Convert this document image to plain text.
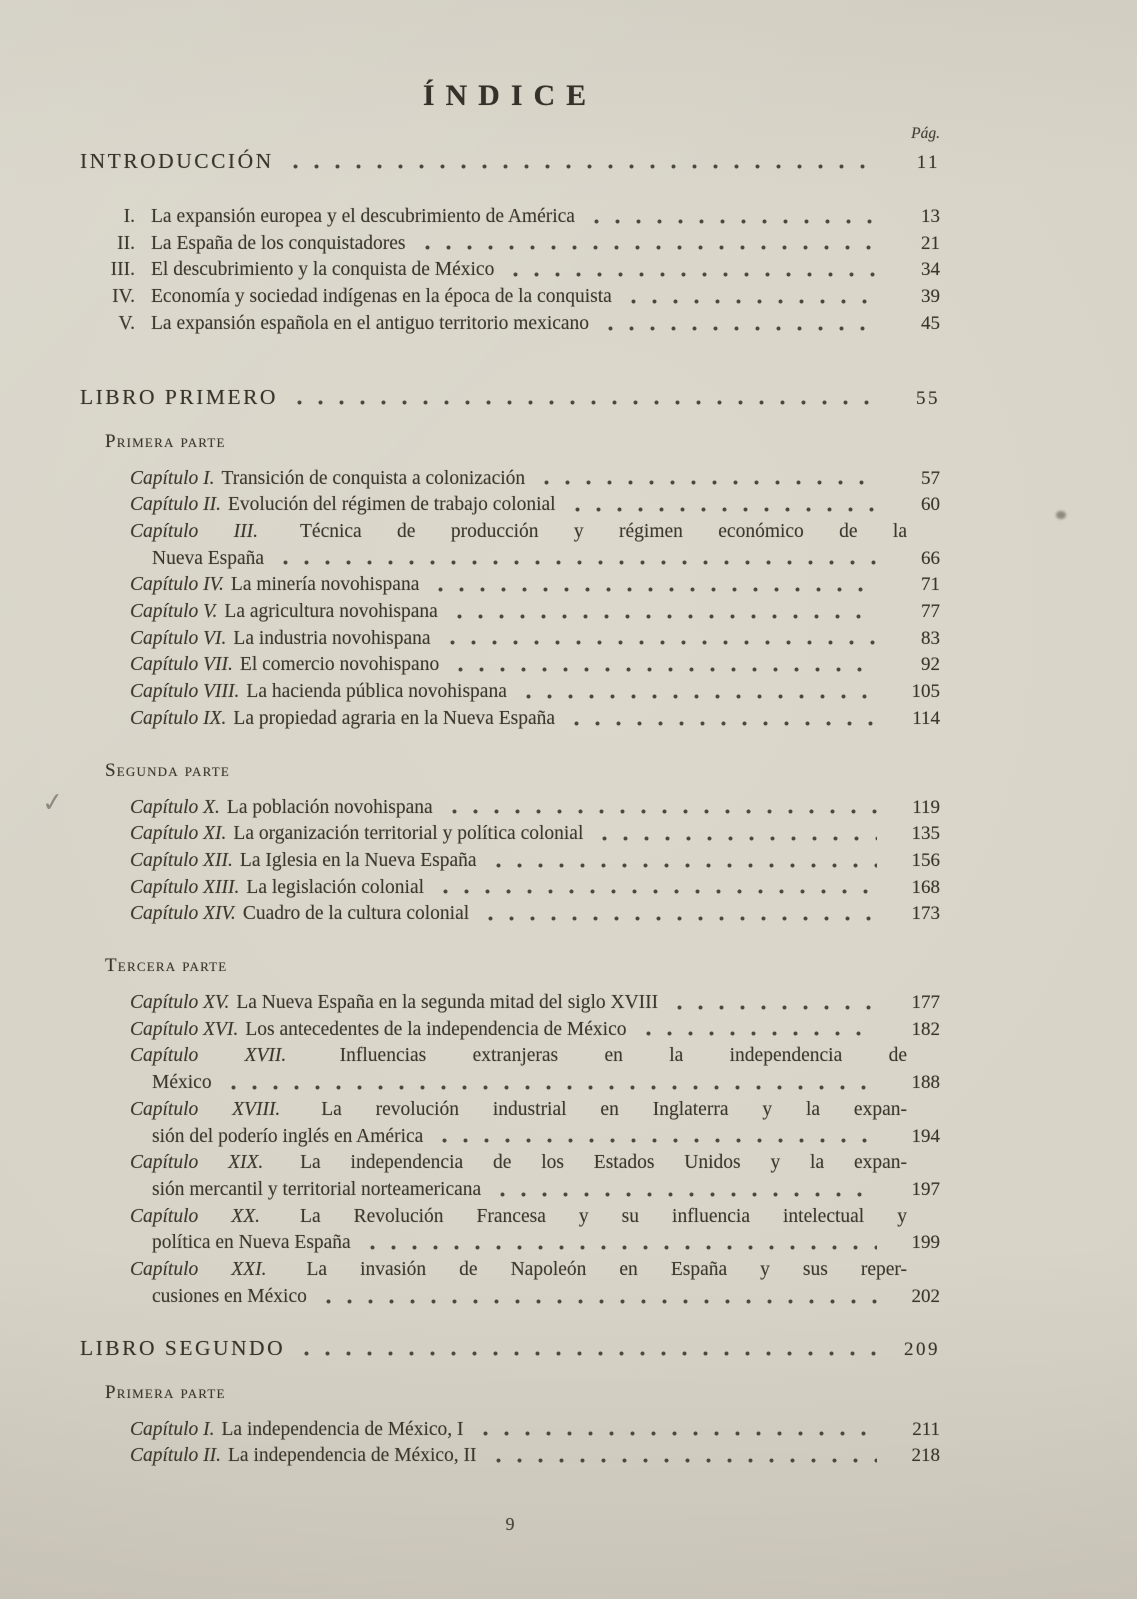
ÍNDICE
Pág.
INTRODUCCIÓN	11
I. La expansión europea y el descubrimiento de América	13
II. La España de los conquistadores	21
III. El descubrimiento y la conquista de México	34
IV. Economía y sociedad indígenas en la época de la conquista	39
V. La expansión española en el antiguo territorio mexicano	45
LIBRO PRIMERO	55
Primera parte
Capítulo I. Transición de conquista a colonización	57
Capítulo II. Evolución del régimen de trabajo colonial	60
Capítulo III. Técnica de producción y régimen económico de la
Nueva España	66
Capítulo IV. La minería novohispana	71
Capítulo V. La agricultura novohispana	77
Capítulo VI. La industria novohispana	83
Capítulo VII. El comercio novohispano	92
Capítulo VIII. La hacienda pública novohispana	105
Capítulo IX. La propiedad agraria en la Nueva España	114
Segunda parte
✓	Capítulo X. La población novohispana	119
Capítulo XI. La organización territorial y política colonial	135
Capítulo XII. La Iglesia en la Nueva España	156
Capítulo XIII. La legislación colonial	168
Capítulo XIV. Cuadro de la cultura colonial	173
Tercera parte
Capítulo XV. La Nueva España en la segunda mitad del siglo XVIII	177
Capítulo XVI. Los antecedentes de la independencia de México	182
Capítulo XVII.	Influencias extranjeras en la independencia de
México	188
Capítulo XVIII. La revolución industrial en Inglaterra y la expan-
sión del poderío inglés en América	194
Capítulo XIX. La independencia de los Estados Unidos y la expan-
sión mercantil y territorial norteamericana	197
Capítulo XX. La Revolución Francesa y su influencia intelectual y
política en Nueva España	199
Capítulo XXI. La invasión de Napoleón en España y sus reper-
cusiones en México	202
LIBRO SEGUNDO	209
Primera parte
Capítulo I. La independencia de México, I	211
Capítulo II. La independencia de México, II	218
9
